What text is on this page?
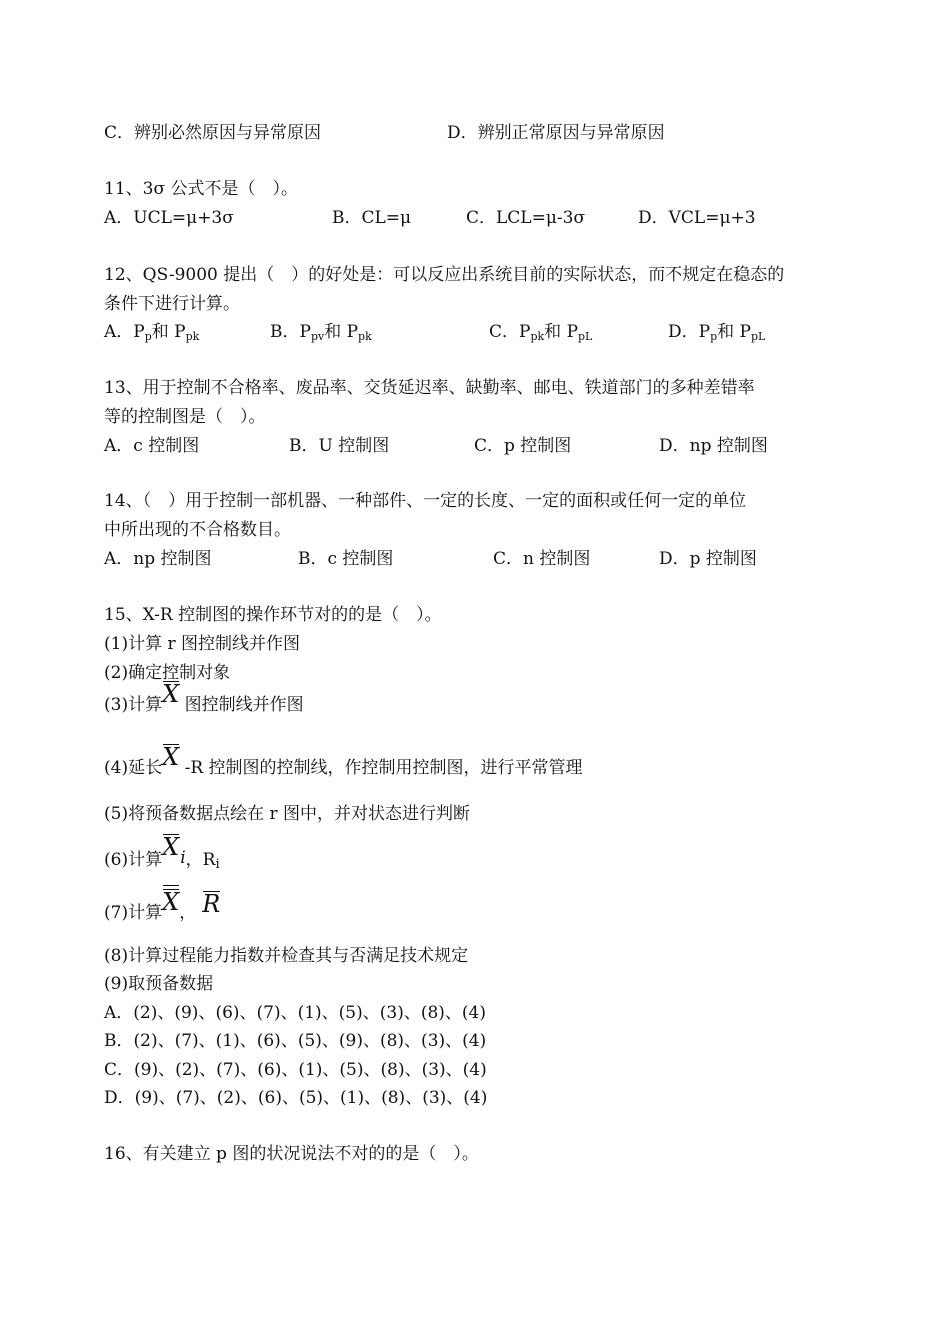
C．辨别必然原因与异常原因	D．辨别正常原因与异常原因
11、3σ 公式不是（　）。
A．UCL=μ+3σ	B．CL=μ	C．LCL=μ-3σ	D．VCL=μ+3
12、QS-9000 提出（　）的好处是：可以反应出系统目前的实际状态，而不规定在稳态的
条件下进行计算。
A．$P_p$和 $P_{pk}$	B．$P_{pv}$和 $P_{pk}$	C．$P_{pk}$和 $P_{pL}$	D．$P_p$和 $P_{pL}$
13、用于控制不合格率、废品率、交货延迟率、缺勤率、邮电、铁道部门的多种差错率
等的控制图是（　）。
A．c 控制图	B．U 控制图	C．p 控制图	D．np 控制图
14、（　）用于控制一部机器、一种部件、一定的长度、一定的面积或任何一定的单位
中所出现的不合格数目。
A．np 控制图	B．c 控制图	C．n 控制图	D．p 控制图
15、X-R 控制图的操作环节对的的是（　）。
(1)计算 r 图控制线并作图
(2)确定控制对象
(3)计算X 图控制线并作图
(4)延长X -R 控制图的控制线，作控制用控制图，进行平常管理
(5)将预备数据点绘在 r 图中，并对状态进行判断
(6)计算Xi，$R_i$
(7)计算X， R
(8)计算过程能力指数并检查其与否满足技术规定
(9)取预备数据
A．(2)、(9)、(6)、(7)、(1)、(5)、(3)、(8)、(4)
B．(2)、(7)、(1)、(6)、(5)、(9)、(8)、(3)、(4)
C．(9)、(2)、(7)、(6)、(1)、(5)、(8)、(3)、(4)
D．(9)、(7)、(2)、(6)、(5)、(1)、(8)、(3)、(4)
16、有关建立 p 图的状况说法不对的的是（　）。
